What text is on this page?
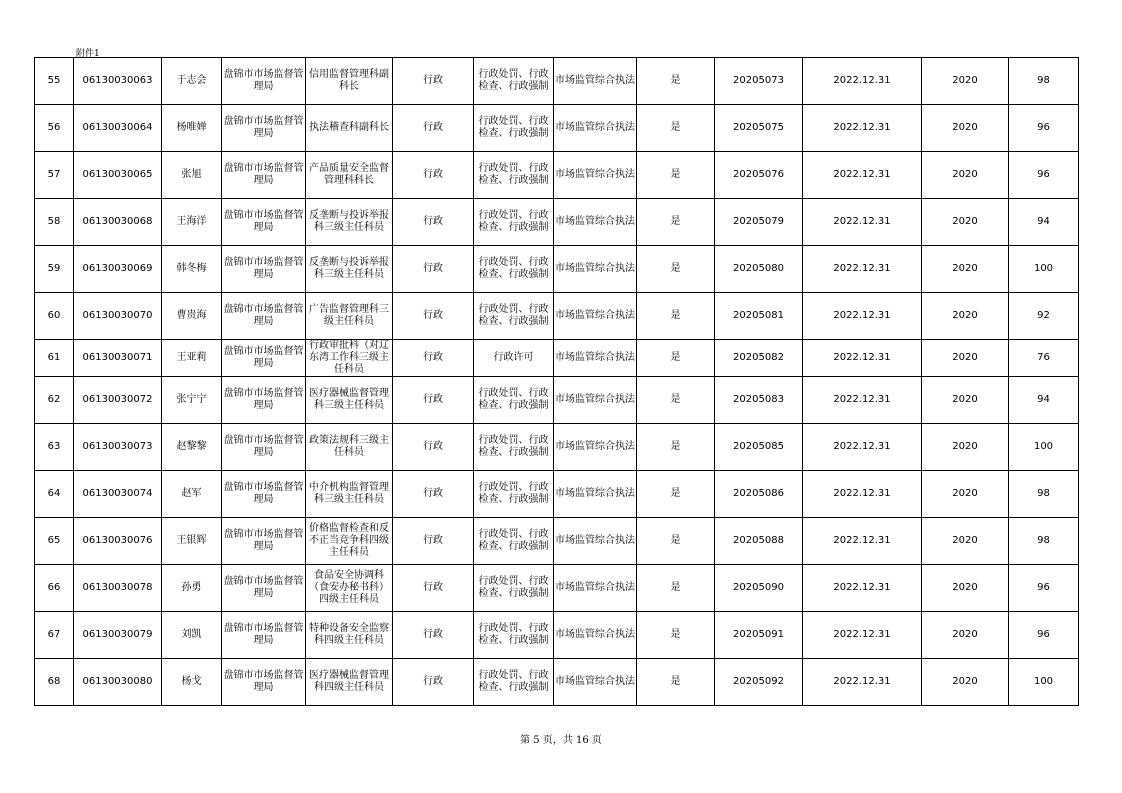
附件1
55	06130030063	于志会	盘锦市市场监督管理局	信用监督管理科副科长	行政	行政处罚、行政检查、行政强制	市场监管综合执法	是	20205073	2022.12.31	2020	98
56	06130030064	杨唯婵	盘锦市市场监督管理局	执法稽查科副科长	行政	行政处罚、行政检查、行政强制	市场监管综合执法	是	20205075	2022.12.31	2020	96
57	06130030065	张旭	盘锦市市场监督管理局	产品质量安全监督管理科科长	行政	行政处罚、行政检查、行政强制	市场监管综合执法	是	20205076	2022.12.31	2020	96
58	06130030068	王海洋	盘锦市市场监督管理局	反垄断与投诉举报科三级主任科员	行政	行政处罚、行政检查、行政强制	市场监管综合执法	是	20205079	2022.12.31	2020	94
59	06130030069	韩冬梅	盘锦市市场监督管理局	反垄断与投诉举报科三级主任科员	行政	行政处罚、行政检查、行政强制	市场监管综合执法	是	20205080	2022.12.31	2020	100
60	06130030070	曹贵海	盘锦市市场监督管理局	广告监督管理科三级主任科员	行政	行政处罚、行政检查、行政强制	市场监管综合执法	是	20205081	2022.12.31	2020	92
61	06130030071	王亚莉	盘锦市市场监督管理局	行政审批科（对辽东湾工作科三级主任科员	行政	行政许可	市场监管综合执法	是	20205082	2022.12.31	2020	76
62	06130030072	张宁宁	盘锦市市场监督管理局	医疗器械监督管理科三级主任科员	行政	行政处罚、行政检查、行政强制	市场监管综合执法	是	20205083	2022.12.31	2020	94
63	06130030073	赵黎黎	盘锦市市场监督管理局	政策法规科三级主任科员	行政	行政处罚、行政检查、行政强制	市场监管综合执法	是	20205085	2022.12.31	2020	100
64	06130030074	赵军	盘锦市市场监督管理局	中介机构监督管理科三级主任科员	行政	行政处罚、行政检查、行政强制	市场监管综合执法	是	20205086	2022.12.31	2020	98
65	06130030076	王银辉	盘锦市市场监督管理局	价格监督检查和反不正当竞争科四级主任科员	行政	行政处罚、行政检查、行政强制	市场监管综合执法	是	20205088	2022.12.31	2020	98
66	06130030078	孙勇	盘锦市市场监督管理局	食品安全协调科（食安办秘书科）四级主任科员	行政	行政处罚、行政检查、行政强制	市场监管综合执法	是	20205090	2022.12.31	2020	96
67	06130030079	刘凯	盘锦市市场监督管理局	特种设备安全监察科四级主任科员	行政	行政处罚、行政检查、行政强制	市场监管综合执法	是	20205091	2022.12.31	2020	96
68	06130030080	杨戈	盘锦市市场监督管理局	医疗器械监督管理科四级主任科员	行政	行政处罚、行政检查、行政强制	市场监管综合执法	是	20205092	2022.12.31	2020	100
第 5 页，共 16 页
